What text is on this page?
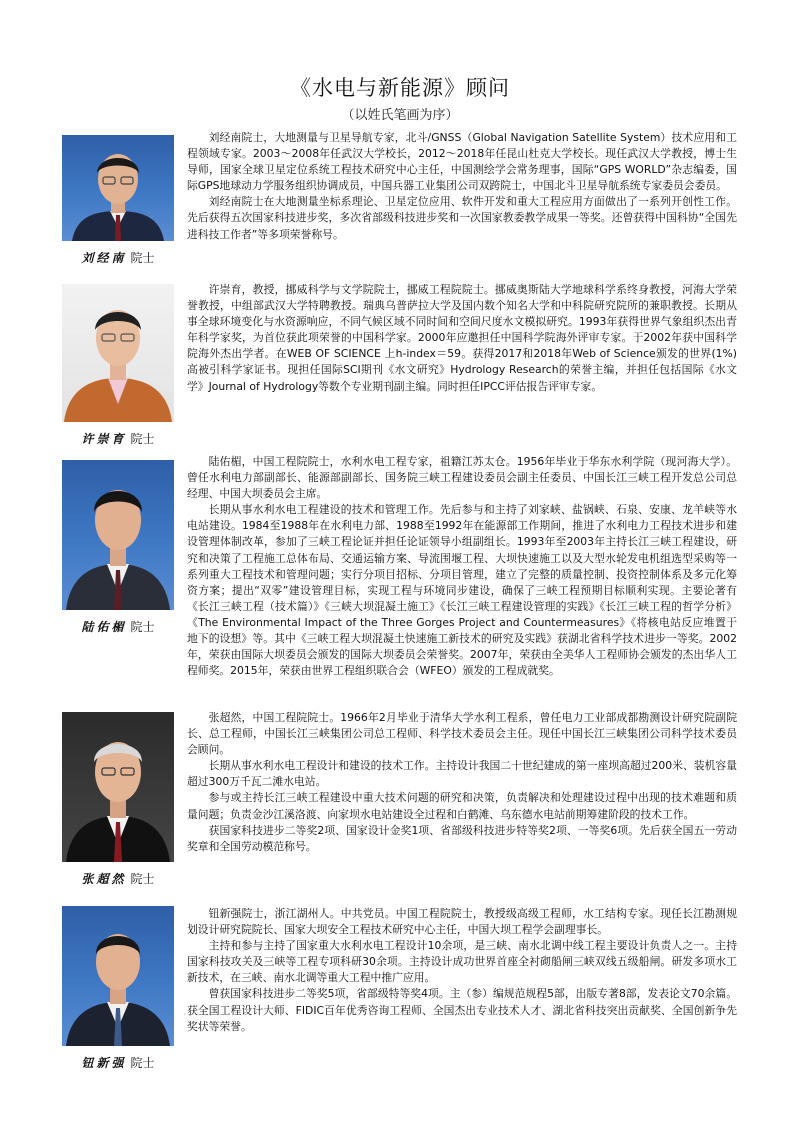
《水电与新能源》顾问
（以姓氏笔画为序）
刘经南 院士

刘经南院士，大地测量与卫星导航专家，北斗/GNSS（Global Navigation Satellite System）技术应用和工程领域专家。2003～2008年任武汉大学校长，2012～2018年任昆山杜克大学校长。现任武汉大学教授，博士生导师，国家全球卫星定位系统工程技术研究中心主任，中国测绘学会常务理事，国际“GPS WORLD”杂志编委，国际GPS地球动力学服务组织协调成员，中国兵器工业集团公司双跨院士，中国北斗卫星导航系统专家委员会委员。

刘经南院士在大地测量坐标系理论、卫星定位应用、软件开发和重大工程应用方面做出了一系列开创性工作。先后获得五次国家科技进步奖，多次省部级科技进步奖和一次国家教委教学成果一等奖。还曾获得中国科协“全国先进科技工作者”等多项荣誉称号。

许崇育 院士

许崇育，教授，挪威科学与文学院院士，挪威工程院院士。挪威奥斯陆大学地球科学系终身教授，河海大学荣誉教授，中组部武汉大学特聘教授。瑞典乌普萨拉大学及国内数个知名大学和中科院研究院所的兼职教授。长期从事全球环境变化与水资源响应，不同气候区域不同时间和空间尺度水文模拟研究。1993年获得世界气象组织杰出青年科学家奖，为首位获此项荣誉的中国科学家。2000年应邀担任中国科学院海外评审专家。于2002年获中国科学院海外杰出学者。在WEB OF SCIENCE 上h-index＝59。获得2017和2018年Web of Science颁发的世界(1%)高被引科学家证书。现担任国际SCI期刊《水文研究》Hydrology Research的荣誉主编，并担任包括国际《水文学》Journal of Hydrology等数个专业期刊副主编。同时担任IPCC评估报告评审专家。

陆佑楣 院士

陆佑楣，中国工程院院士，水利水电工程专家，祖籍江苏太仓。1956年毕业于华东水利学院（现河海大学）。曾任水利电力部副部长、能源部副部长、国务院三峡工程建设委员会副主任委员、中国长江三峡工程开发总公司总经理、中国大坝委员会主席。

长期从事水利水电工程建设的技术和管理工作。先后参与和主持了刘家峡、盐锅峡、石泉、安康、龙羊峡等水电站建设。1984至1988年在水利电力部、1988至1992年在能源部工作期间，推进了水利电力工程技术进步和建设管理体制改革，参加了三峡工程论证并担任论证领导小组副组长。1993年至2003年主持长江三峡工程建设，研究和决策了工程施工总体布局、交通运输方案、导流围堰工程、大坝快速施工以及大型水轮发电机组选型采购等一系列重大工程技术和管理问题；实行分项目招标、分项目管理，建立了完整的质量控制、投资控制体系及多元化筹资方案；提出“双零”建设管理目标，实现工程与环境同步建设，确保了三峡工程预期目标顺利实现。主要论著有《长江三峡工程（技术篇）》《三峡大坝混凝土施工》《长江三峡工程建设管理的实践》《长江三峡工程的哲学分析》《The Environmental Impact of the Three Gorges Project and Countermeasures》《将核电站反应堆置于地下的设想》等。其中《三峡工程大坝混凝土快速施工新技术的研究及实践》获湖北省科学技术进步一等奖。2002年，荣获由国际大坝委员会颁发的国际大坝委员会荣誉奖。2007年，荣获由全美华人工程师协会颁发的杰出华人工程师奖。2015年，荣获由世界工程组织联合会（WFEO）颁发的工程成就奖。

张超然 院士

张超然，中国工程院院士。1966年2月毕业于清华大学水利工程系，曾任电力工业部成都勘测设计研究院副院长、总工程师，中国长江三峡集团公司总工程师、科学技术委员会主任。现任中国长江三峡集团公司科学技术委员会顾问。

长期从事水利水电工程设计和建设的技术工作。主持设计我国二十世纪建成的第一座坝高超过200米、装机容量超过300万千瓦二滩水电站。

参与或主持长江三峡工程建设中重大技术问题的研究和决策，负责解决和处理建设过程中出现的技术难题和质量问题；负责金沙江溪洛渡、向家坝水电站建设全过程和白鹤滩、乌东德水电站前期筹建阶段的技术工作。

获国家科技进步二等奖2项、国家设计金奖1项、省部级科技进步特等奖2项、一等奖6项。先后获全国五一劳动奖章和全国劳动模范称号。

钮新强 院士

钮新强院士，浙江湖州人。中共党员。中国工程院院士，教授级高级工程师，水工结构专家。现任长江勘测规划设计研究院院长、国家大坝安全工程技术研究中心主任，中国大坝工程学会副理事长。

主持和参与主持了国家重大水利水电工程设计10余项，是三峡、南水北调中线工程主要设计负责人之一。主持国家科技攻关及三峡等工程专项科研30余项。主持设计成功世界首座全衬砌船闸三峡双线五级船闸。研发多项水工新技术，在三峡、南水北调等重大工程中推广应用。

曾获国家科技进步二等奖5项，省部级特等奖4项。主（参）编规范规程5部，出版专著8部，发表论文70余篇。获全国工程设计大师、FIDIC百年优秀咨询工程师、全国杰出专业技术人才、湖北省科技突出贡献奖、全国创新争先奖状等荣誉。
